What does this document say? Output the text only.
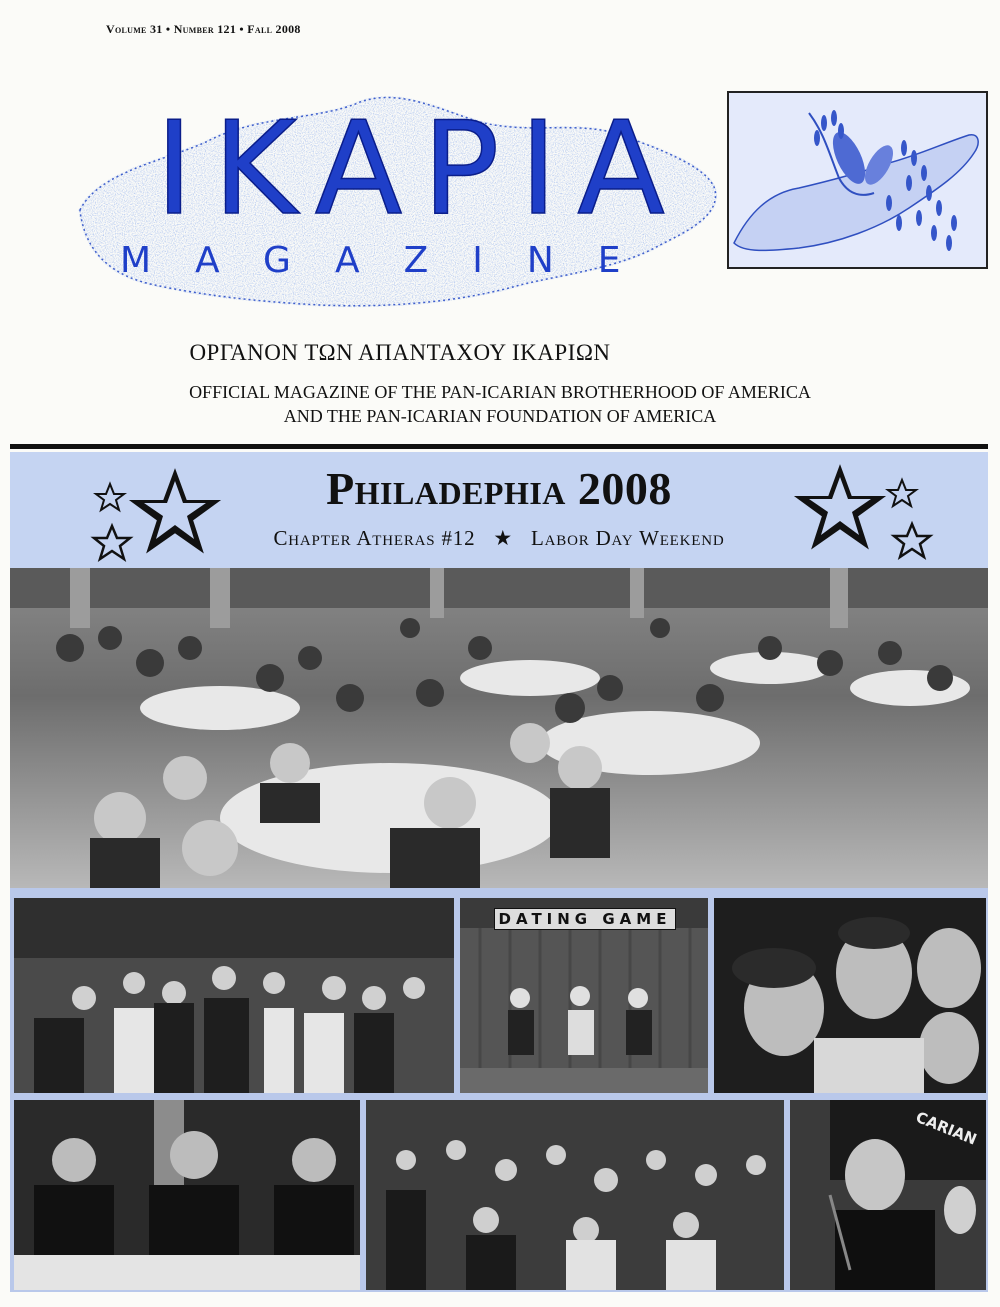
Volume 31 • Number 121 • Fall 2008
IKAPIA
MAGAZINE
ΟΡΓΑΝΟΝ ΤΩΝ ΑΠΑΝΤΑΧΟΥ ΙΚΑΡΙΩΝ
OFFICIAL MAGAZINE OF THE PAN-ICARIAN BROTHERHOOD OF AMERICA
AND THE PAN-ICARIAN FOUNDATION OF AMERICA
Philadephia 2008
Chapter Atheras #12 ★ Labor Day Weekend
DATING GAME
CARIAN
